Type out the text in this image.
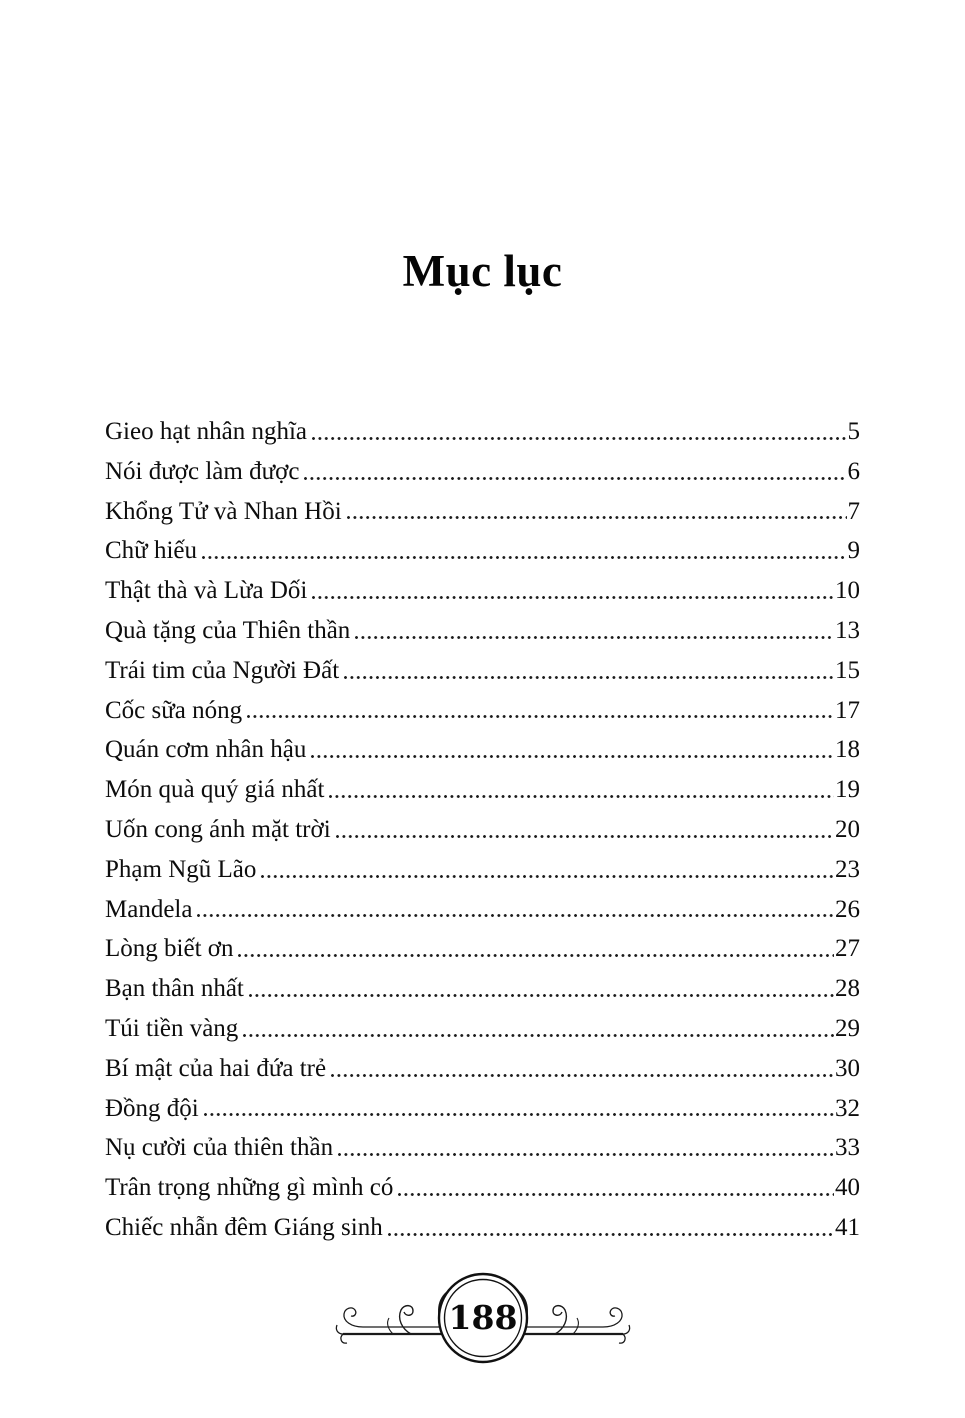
Mục lục
Gieo hạt nhân nghĩa	5
Nói được làm được	6
Khổng Tử và Nhan Hồi	7
Chữ hiếu	9
Thật thà và Lừa Dối	10
Quà tặng của Thiên thần	13
Trái tim của Người Đất	15
Cốc sữa nóng	17
Quán cơm nhân hậu	18
Món quà quý giá nhất	19
Uốn cong ánh mặt trời	20
Phạm Ngũ Lão	23
Mandela	26
Lòng biết ơn	27
Bạn thân nhất	28
Túi tiền vàng	29
Bí mật của hai đứa trẻ	30
Đồng đội	32
Nụ cười của thiên thần	33
Trân trọng những gì mình có	40
Chiếc nhẫn đêm Giáng sinh	41
188
